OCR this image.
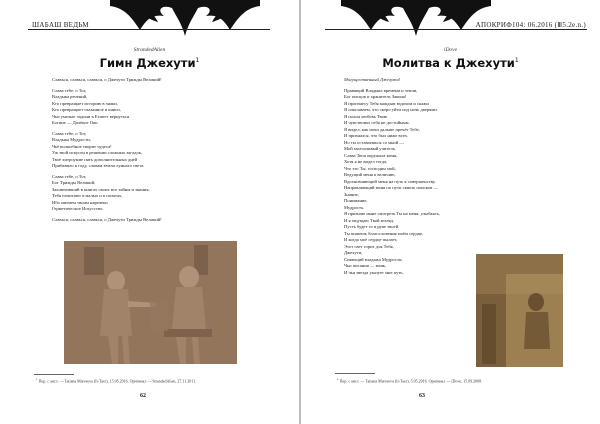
ШАБАШ ВЕДЬМ
StrandedAlien
Гимн Джехути$^1$
Славься, славься, славься, о Джехути Трижды Великий!
Слава тебе, о Тот,
Владыка речений,
Кто превращает историю в знаки,
Кто превращает сказанное в книги,
Чьи умелые ладони в Египет вернуться
Богине — Далёкое Око.
Слава тебе, о Тот,
Владыка Мудрости,
Чьё волшебное творит чудеса!
Уж твой искусен в решении сложных загадок,
Твоё хитроумие пять дополнительных дней
Прибавило к году, словам земли лунного света.
Слава тебе, о Тот,
Бог Трижды Великий,
Заключивший в книгах своих все тайны и знания,
Тебя почитают в малых и в палатах,
Ибо именем твоим наречено
Герметическое Искусство.
Славься, славься, славься, о Джехути Трижды Великий!
$^1$ Пер. с англ. — Tatiana Matveeva (Ir-Taer), 15.05.2016. Оригинал — StrandedAlien, 27.11.2011.
62
АПОКРИФ104: 06.2016 (Ⅲ5.2e.n.)
iDove
Молитва к Джехути$^1$
Могущественный Джехути!
Правящий Владыка времени и земли,
Бог писцов и хранитель Закона!
Я произнесу Тебя каждым вздохом и скажи
Я описываем, что скоро уйти под ночь дверями.
Я полон любовь Твою
И чувствовал себя не достойным.
Я видел, как ночи дальше пречёт Тебе,
И признался, что был ниже всех.
Но ты оставаешься со мной —
Мой молчаливый учитель.
Слава Твоя окружала меня,
Хотя я не видел тогда,
Что это Ты, господин мой,
Ведущий меня к величию,
Вдохновляющий меня на путь к совершенству,
Направляющий меня по пути сквозь поисков —
Знание,
Понимание,
Мудрость.
Я признаю ныне смотреть Ты на меня, улыбаясь,
И я ощущаю Твой взгляд.
Пусть будет то в руке твоей.
Ты пишешь благословения моём сердце,
И когда моё сердце пылает,
Этот свет горит для Тебя,
Джехути,
Сияющий владыка Мудрости,
Чьи писания — маяк,
И чья звезда указует мне путь.
$^1$ Пер. с англ. — Tatiana Matveeva (Ir-Taer), 5.05.2016. Оригинал — iDove, 15.09.2008.
63
